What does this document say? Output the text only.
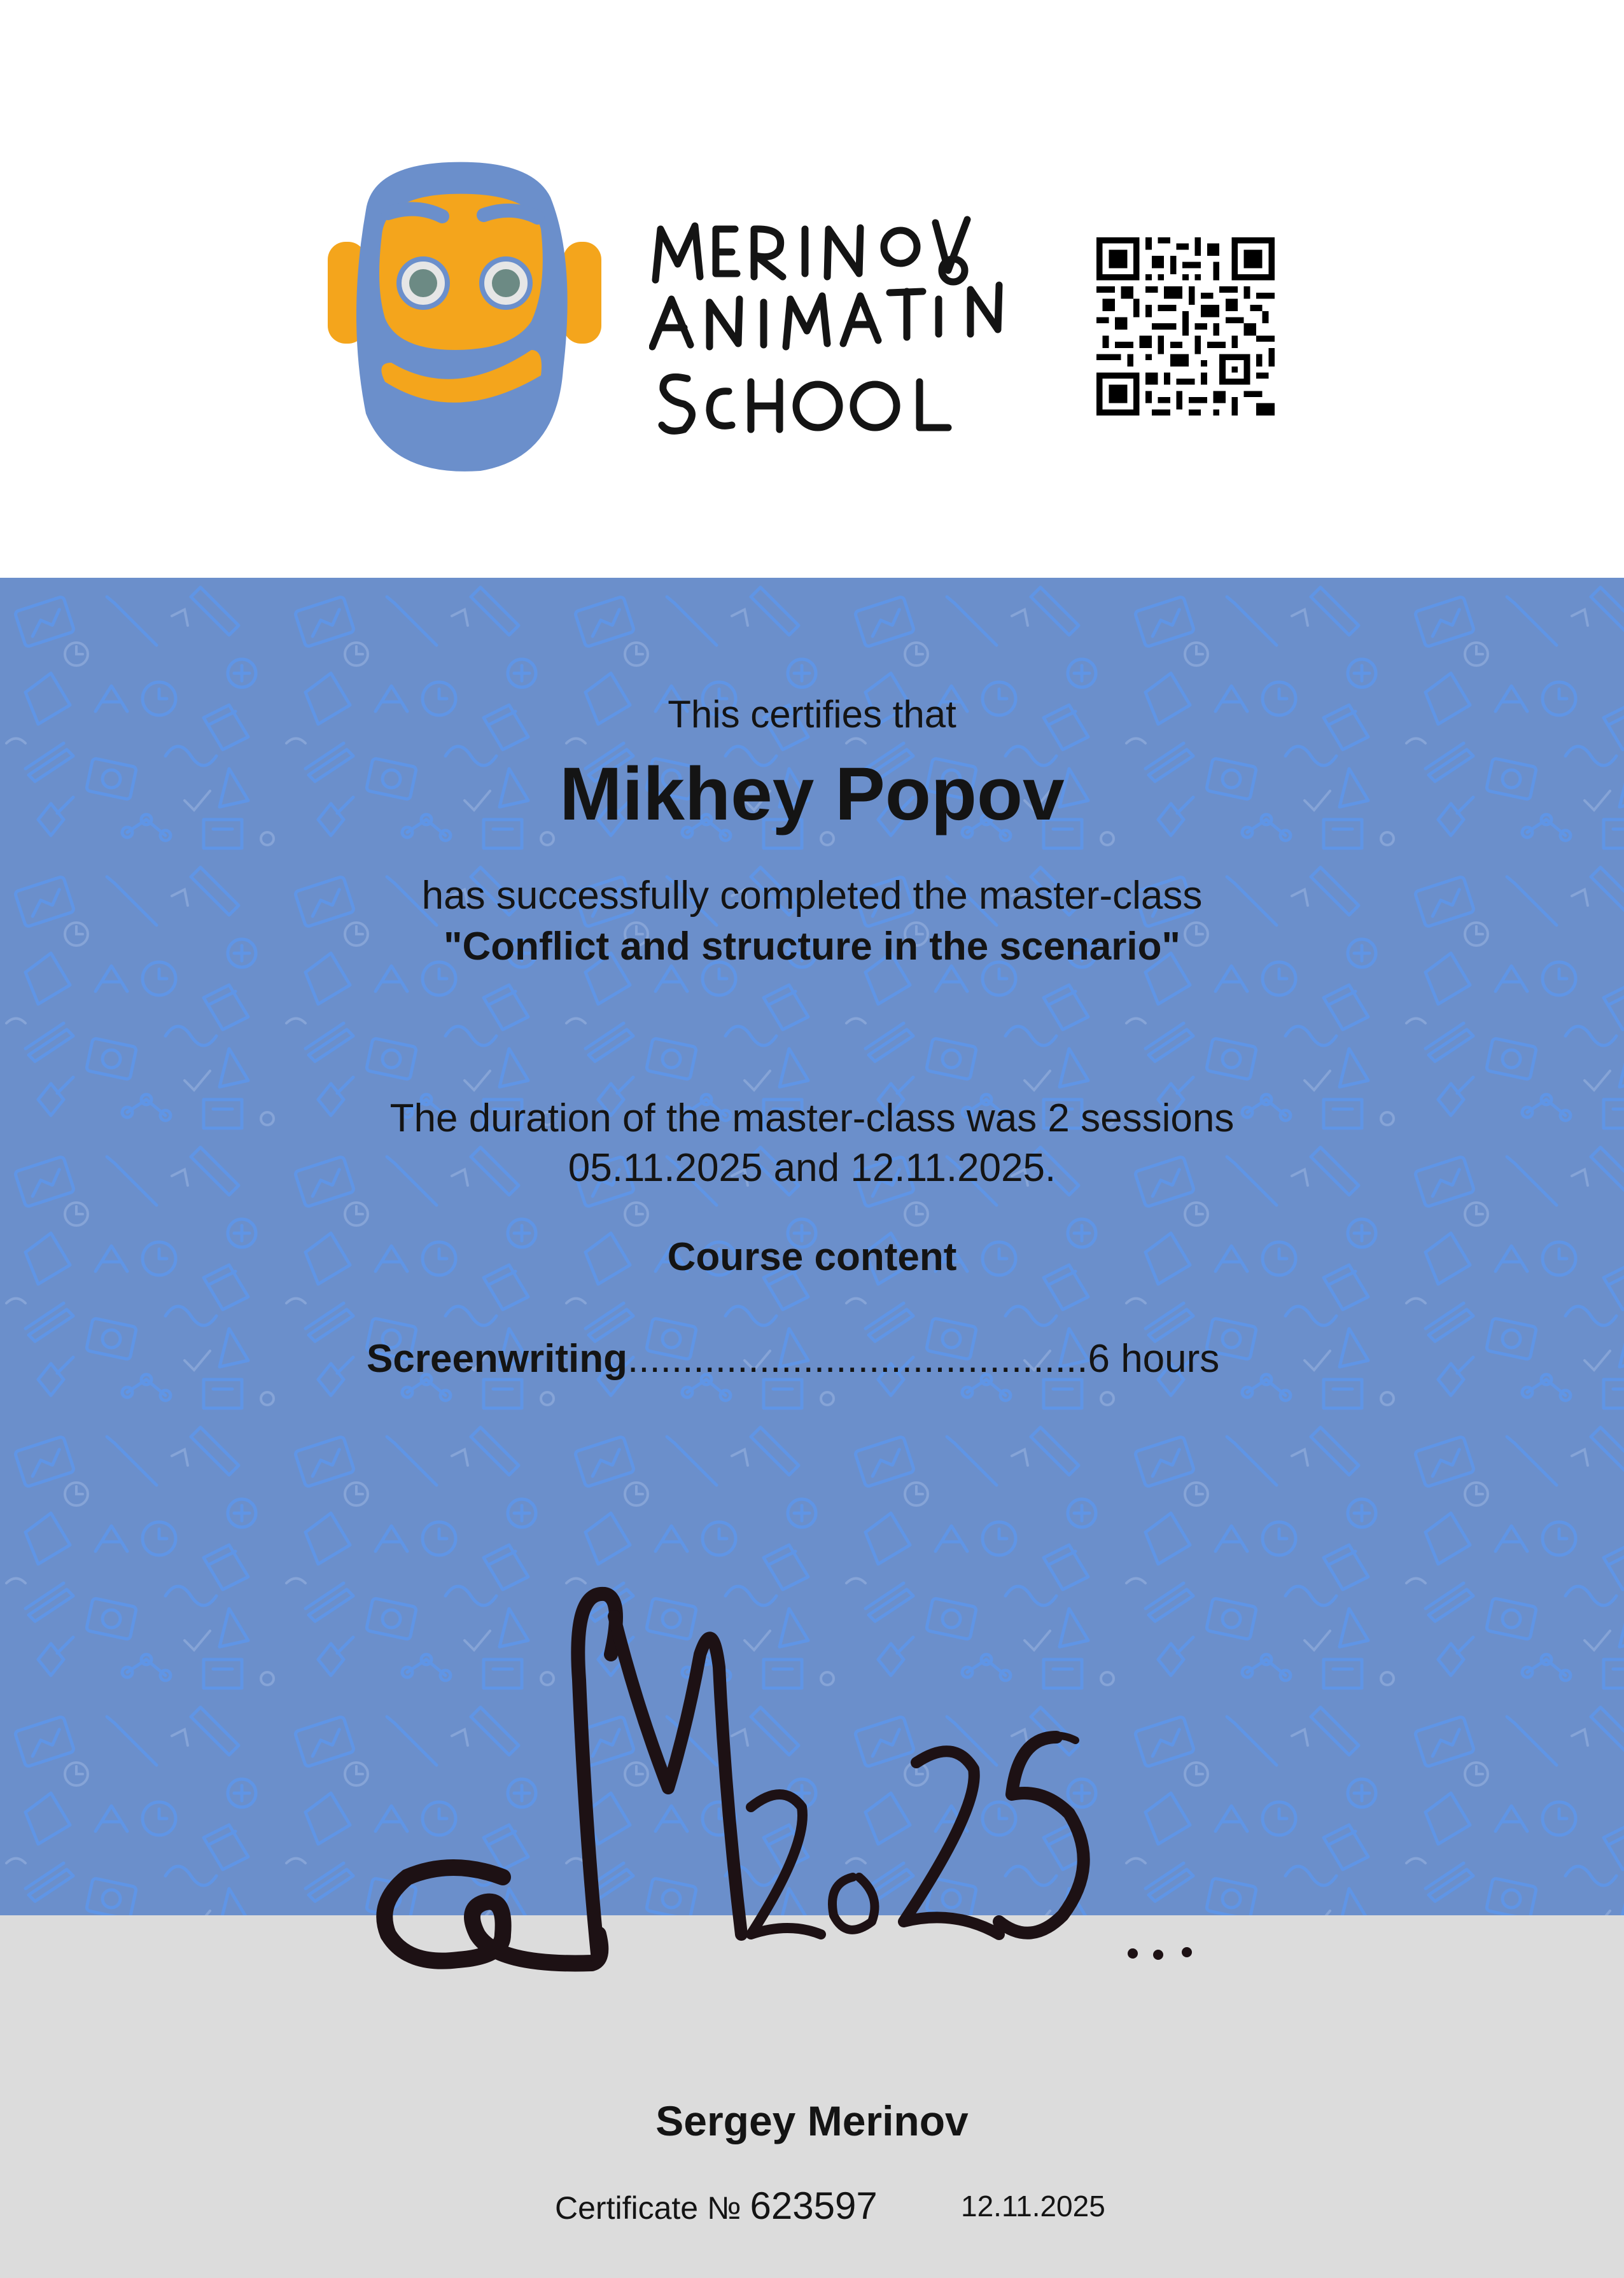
This certifies that
Mikhey Popov
has successfully completed the master-class
"Conflict and structure in the scenario"
The duration of the master-class was 2 sessions
05.11.2025 and 12.11.2025.
Course content
Screenwriting..........................................6 hours
Sergey Merinov
Certificate № 623597	12.11.2025
